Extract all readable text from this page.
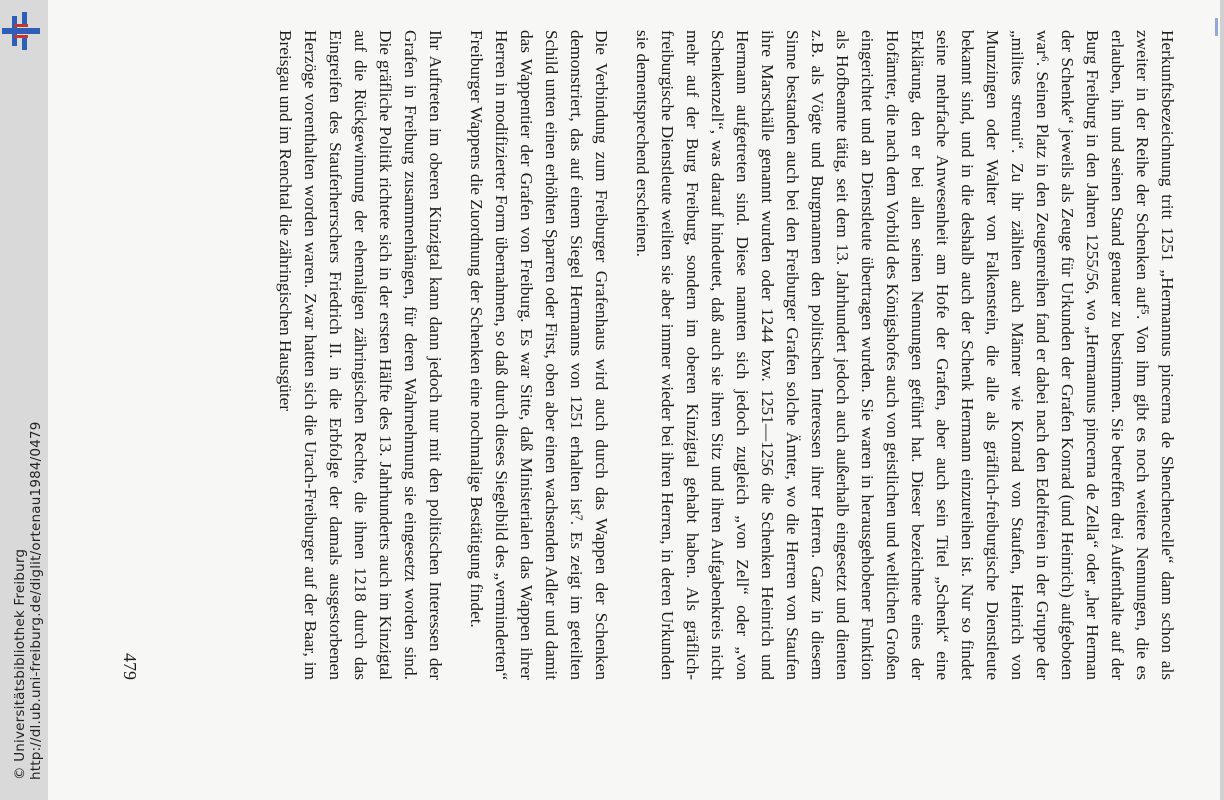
http://dl.ub.uni-freiburg.de/diglit/ortenau1984/0479
© Universitätsbibliothek Freiburg	Herkunftsbezeichnung tritt 1251 „Hermannus pincerna de Shenchencelle“ dann schon als zweiter in der Reihe der Schenken auf⁵. Von ihm gibt es noch weitere Nennungen, die es erlauben, ihn und seinen Stand genauer zu bestimmen. Sie betreffen drei Aufenthalte auf der Burg Freiburg in den Jahren 1255/56, wo „Hermannus pincerna de Zella“ oder „her Herman der Schenke“ jeweils als Zeuge für Urkunden der Grafen Konrad (und Heinrich) aufgeboten war⁶. Seinen Platz in den Zeugenreihen fand er dabei nach den Edelfreien in der Gruppe der „milites strenui“. Zu ihr zählten auch Männer wie Konrad von Staufen, Heinrich von Munzingen oder Walter von Falkenstein, die alle als gräflich-freiburgische Dienstleute bekannt sind, und in die deshalb auch der Schenk Hermann einzureihen ist. Nur so findet seine mehrfache Anwesenheit am Hofe der Grafen, aber auch sein Titel „Schenk“ eine Erklärung, den er bei allen seinen Nennungen geführt hat. Dieser bezeichnete eines der Hofämter, die nach dem Vorbild des Königshofes auch von geistlichen und weltlichen Großen eingerichtet und an Dienstleute übertragen wurden. Sie waren in herausgehobener Funktion als Hofbeamte tätig, seit dem 13. Jahrhundert jedoch auch außerhalb eingesetzt und dienten z.B. als Vögte und Burgmannen den politischen Interessen ihrer Herren. Ganz in diesem Sinne bestanden auch bei den Freiburger Grafen solche Ämter, wo die Herren von Staufen ihre Marschälle genannt wurden oder 1244 bzw. 1251—1256 die Schenken Heinrich und Hermann aufgetreten sind. Diese nannten sich jedoch zugleich „von Zell“ oder „von Schenkenzell“, was darauf hindeutet, daß auch sie ihren Sitz und ihren Aufgabenkreis nicht mehr auf der Burg Freiburg, sondern im oberen Kinzigtal gehabt haben. Als gräflich-freiburgische Dienstleute weilten sie aber immer wieder bei ihren Herren, in deren Urkunden sie dementsprechend erscheinen.

Die Verbindung zum Freiburger Grafenhaus wird auch durch das Wappen der Schenken demonstriert, das auf einem Siegel Hermanns von 1251 erhalten ist⁷. Es zeigt im geteilten Schild unten einen erhöhten Sparren oder First, oben aber einen wachsenden Adler und damit das Wappentier der Grafen von Freiburg. Es war Sitte, daß Ministerialen das Wappen ihrer Herren in modifizierter Form übernahmen, so daß durch dieses Siegelbild des „verminderten“ Freiburger Wappens die Zuordnung der Schenken eine nochmalige Bestätigung findet.

Ihr Auftreten im oberen Kinzigtal kann dann jedoch nur mit den politischen Interessen der Grafen in Freiburg zusammenhängen, für deren Wahrnehmung sie eingesetzt worden sind. Die gräfliche Politik richtete sich in der ersten Hälfte des 13. Jahrhunderts auch im Kinzigtal auf die Rückgewinnung der ehemaligen zähringischen Rechte, die ihnen 1218 durch das Eingreifen des Stauferherrschers Friedrich II. in die Erbfolge der damals ausgestorbenen Herzöge vorenthalten worden waren. Zwar hatten sich die Urach-Freiburger auf der Baar, im Breisgau und im Renchtal die zähringischen Hausgüter

479
